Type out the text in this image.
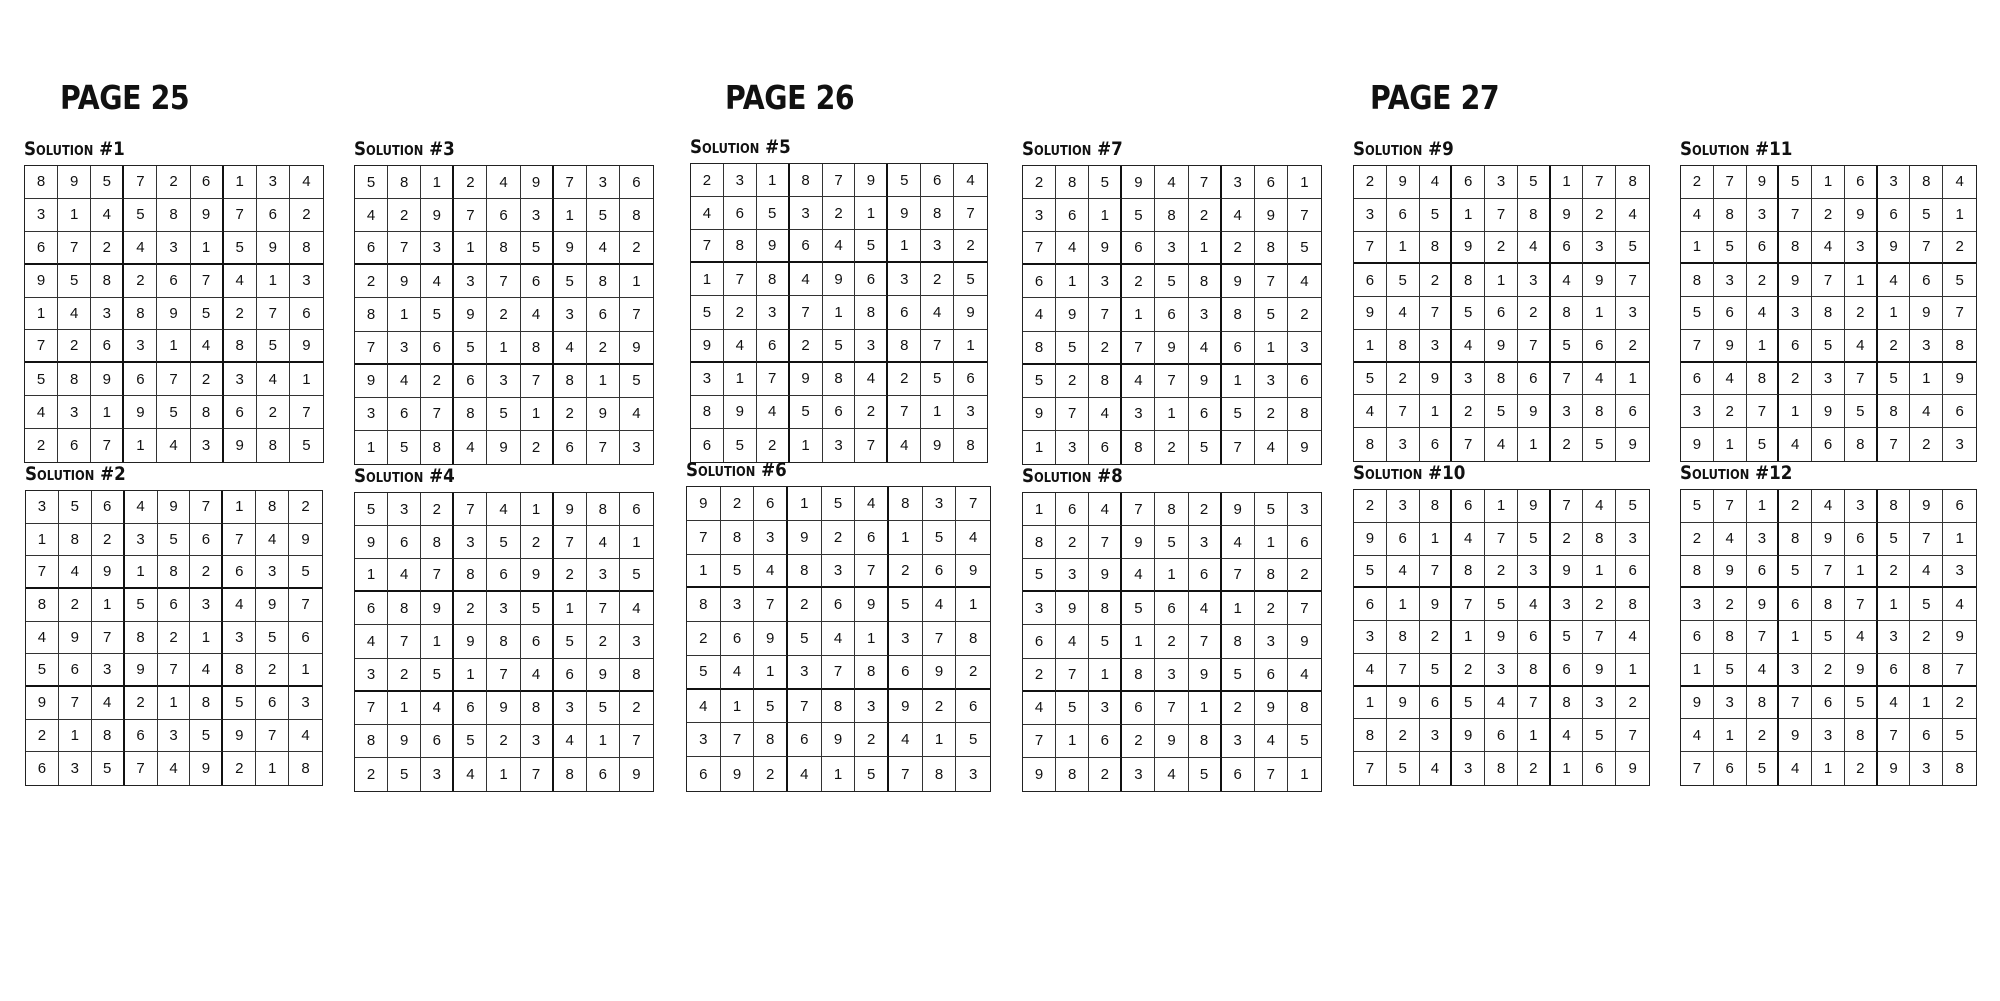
PAGE 25	PAGE 26	PAGE 27
Solution #1
8	9	5	7	2	6	1	3	4
3	1	4	5	8	9	7	6	2
6	7	2	4	3	1	5	9	8
9	5	8	2	6	7	4	1	3
1	4	3	8	9	5	2	7	6
7	2	6	3	1	4	8	5	9
5	8	9	6	7	2	3	4	1
4	3	1	9	5	8	6	2	7
2	6	7	1	4	3	9	8	5
Solution #2
3	5	6	4	9	7	1	8	2
1	8	2	3	5	6	7	4	9
7	4	9	1	8	2	6	3	5
8	2	1	5	6	3	4	9	7
4	9	7	8	2	1	3	5	6
5	6	3	9	7	4	8	2	1
9	7	4	2	1	8	5	6	3
2	1	8	6	3	5	9	7	4
6	3	5	7	4	9	2	1	8
Solution #3
5	8	1	2	4	9	7	3	6
4	2	9	7	6	3	1	5	8
6	7	3	1	8	5	9	4	2
2	9	4	3	7	6	5	8	1
8	1	5	9	2	4	3	6	7
7	3	6	5	1	8	4	2	9
9	4	2	6	3	7	8	1	5
3	6	7	8	5	1	2	9	4
1	5	8	4	9	2	6	7	3
Solution #4
5	3	2	7	4	1	9	8	6
9	6	8	3	5	2	7	4	1
1	4	7	8	6	9	2	3	5
6	8	9	2	3	5	1	7	4
4	7	1	9	8	6	5	2	3
3	2	5	1	7	4	6	9	8
7	1	4	6	9	8	3	5	2
8	9	6	5	2	3	4	1	7
2	5	3	4	1	7	8	6	9
Solution #5
2	3	1	8	7	9	5	6	4
4	6	5	3	2	1	9	8	7
7	8	9	6	4	5	1	3	2
1	7	8	4	9	6	3	2	5
5	2	3	7	1	8	6	4	9
9	4	6	2	5	3	8	7	1
3	1	7	9	8	4	2	5	6
8	9	4	5	6	2	7	1	3
6	5	2	1	3	7	4	9	8
Solution #6
9	2	6	1	5	4	8	3	7
7	8	3	9	2	6	1	5	4
1	5	4	8	3	7	2	6	9
8	3	7	2	6	9	5	4	1
2	6	9	5	4	1	3	7	8
5	4	1	3	7	8	6	9	2
4	1	5	7	8	3	9	2	6
3	7	8	6	9	2	4	1	5
6	9	2	4	1	5	7	8	3
Solution #7
2	8	5	9	4	7	3	6	1
3	6	1	5	8	2	4	9	7
7	4	9	6	3	1	2	8	5
6	1	3	2	5	8	9	7	4
4	9	7	1	6	3	8	5	2
8	5	2	7	9	4	6	1	3
5	2	8	4	7	9	1	3	6
9	7	4	3	1	6	5	2	8
1	3	6	8	2	5	7	4	9
Solution #8
1	6	4	7	8	2	9	5	3
8	2	7	9	5	3	4	1	6
5	3	9	4	1	6	7	8	2
3	9	8	5	6	4	1	2	7
6	4	5	1	2	7	8	3	9
2	7	1	8	3	9	5	6	4
4	5	3	6	7	1	2	9	8
7	1	6	2	9	8	3	4	5
9	8	2	3	4	5	6	7	1
Solution #9
2	9	4	6	3	5	1	7	8
3	6	5	1	7	8	9	2	4
7	1	8	9	2	4	6	3	5
6	5	2	8	1	3	4	9	7
9	4	7	5	6	2	8	1	3
1	8	3	4	9	7	5	6	2
5	2	9	3	8	6	7	4	1
4	7	1	2	5	9	3	8	6
8	3	6	7	4	1	2	5	9
Solution #10
2	3	8	6	1	9	7	4	5
9	6	1	4	7	5	2	8	3
5	4	7	8	2	3	9	1	6
6	1	9	7	5	4	3	2	8
3	8	2	1	9	6	5	7	4
4	7	5	2	3	8	6	9	1
1	9	6	5	4	7	8	3	2
8	2	3	9	6	1	4	5	7
7	5	4	3	8	2	1	6	9
Solution #11
2	7	9	5	1	6	3	8	4
4	8	3	7	2	9	6	5	1
1	5	6	8	4	3	9	7	2
8	3	2	9	7	1	4	6	5
5	6	4	3	8	2	1	9	7
7	9	1	6	5	4	2	3	8
6	4	8	2	3	7	5	1	9
3	2	7	1	9	5	8	4	6
9	1	5	4	6	8	7	2	3
Solution #12
5	7	1	2	4	3	8	9	6
2	4	3	8	9	6	5	7	1
8	9	6	5	7	1	2	4	3
3	2	9	6	8	7	1	5	4
6	8	7	1	5	4	3	2	9
1	5	4	3	2	9	6	8	7
9	3	8	7	6	5	4	1	2
4	1	2	9	3	8	7	6	5
7	6	5	4	1	2	9	3	8
